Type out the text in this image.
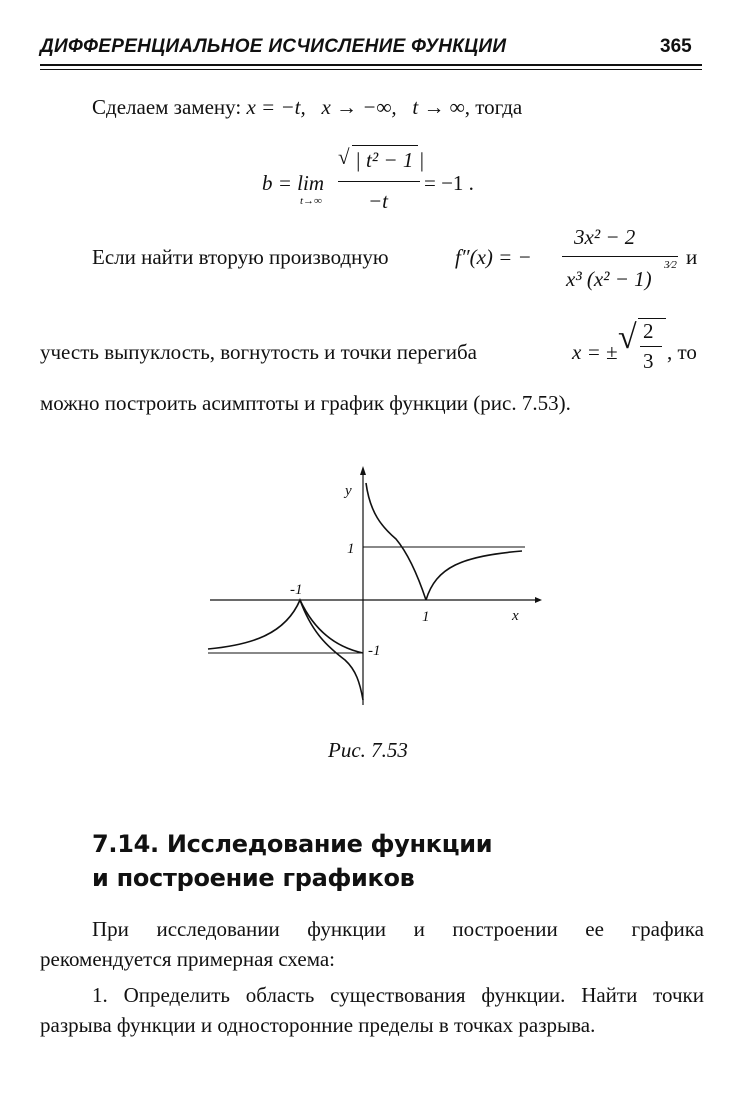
ДИФФЕРЕНЦИАЛЬНОЕ ИСЧИСЛЕНИЕ ФУНКЦИИ	365
Сделаем замену: x = −t, x → −∞, t → ∞, тогда
b = lim
t→∞
√ | t² − 1 |
−t
= −1 .
Если найти вторую производную	f″(x) = −
3x² − 2
x³ (x² − 1)
3⁄2 и
учесть выпуклость, вогнутость и точки перегиба	x = ± √ 2
3 , то
можно построить асимптоты и график функции (рис. 7.53).
y
x
1
1
-1
-1
Рис. 7.53
7.14. Исследование функции
и построение графиков
При исследовании функции и построении ее графика рекомендуется примерная схема:
1. Определить область существования функции. Найти точки разрыва функции и односторонние пределы в точках разрыва.
